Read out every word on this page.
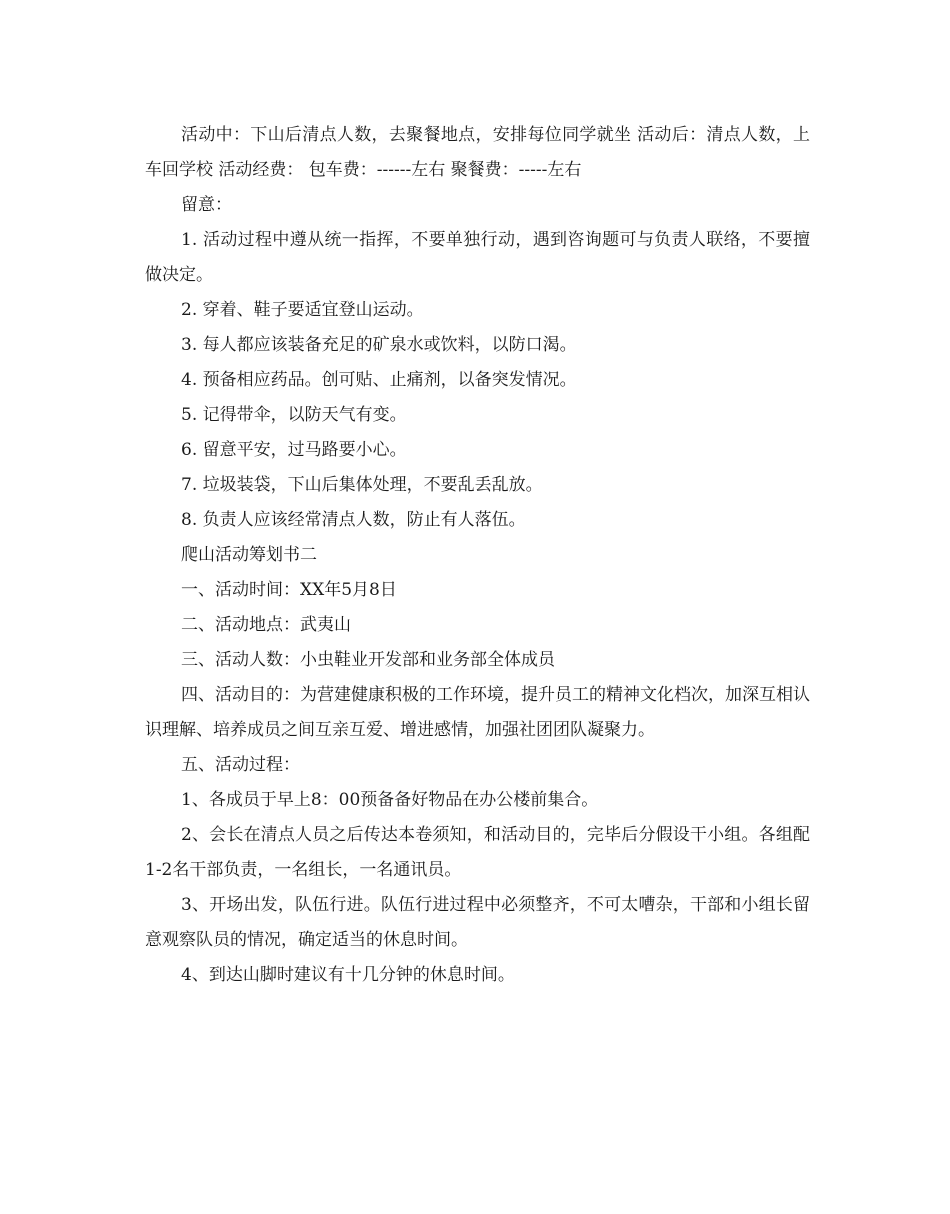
活动中：下山后清点人数，去聚餐地点，安排每位同学就坐 活动后：清点人数，上车回学校 活动经费： 包车费：------左右 聚餐费：-----左右

留意：

1. 活动过程中遵从统一指挥，不要单独行动，遇到咨询题可与负责人联络，不要擅做决定。

2. 穿着、鞋子要适宜登山运动。

3. 每人都应该装备充足的矿泉水或饮料，以防口渴。

4. 预备相应药品。创可贴、止痛剂，以备突发情况。

5. 记得带伞，以防天气有变。

6. 留意平安，过马路要小心。

7. 垃圾装袋，下山后集体处理，不要乱丢乱放。

8. 负责人应该经常清点人数，防止有人落伍。

爬山活动筹划书二

一、活动时间：XX年5月8日

二、活动地点：武夷山

三、活动人数：小虫鞋业开发部和业务部全体成员

四、活动目的：为营建健康积极的工作环境，提升员工的精神文化档次，加深互相认识理解、培养成员之间互亲互爱、增进感情，加强社团团队凝聚力。

五、活动过程：

1、各成员于早上8：00预备备好物品在办公楼前集合。

2、会长在清点人员之后传达本卷须知，和活动目的，完毕后分假设干小组。各组配1-2名干部负责，一名组长，一名通讯员。

3、开场出发，队伍行进。队伍行进过程中必须整齐，不可太嘈杂，干部和小组长留意观察队员的情况，确定适当的休息时间。

4、到达山脚时建议有十几分钟的休息时间。
